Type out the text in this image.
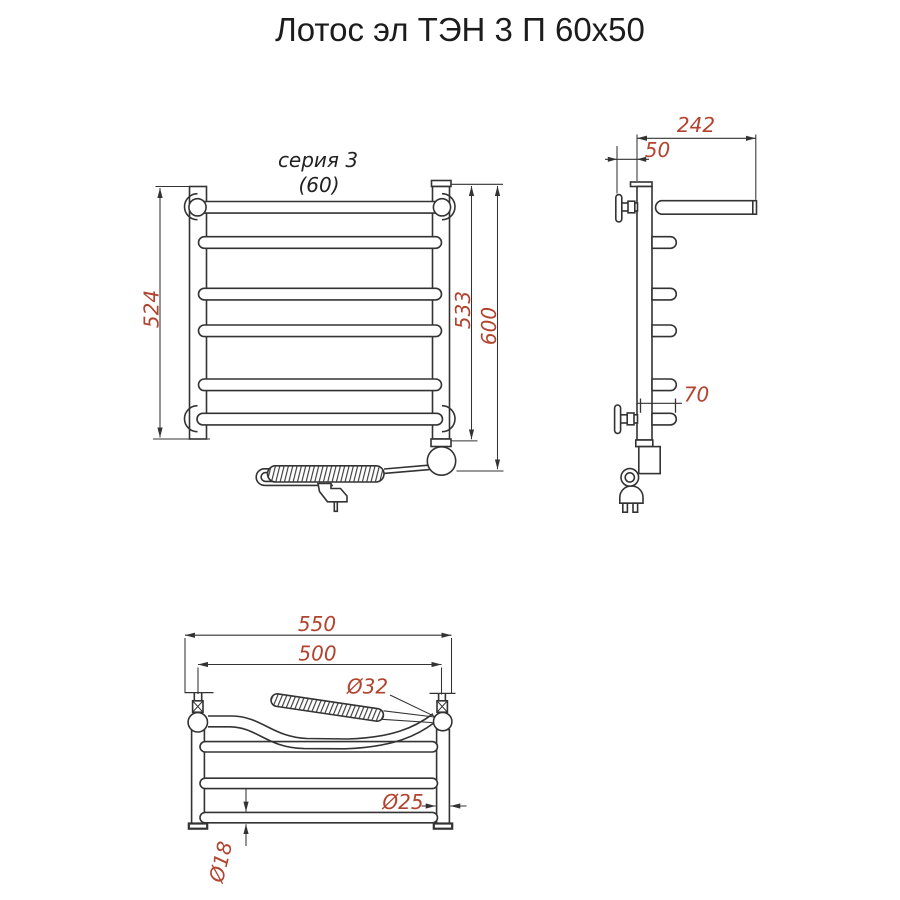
Лотос эл ТЭН 3 П 60х50
серия 3
(60)
524	533 600
242
50
70
550
500
Ø32
Ø25
Ø18
